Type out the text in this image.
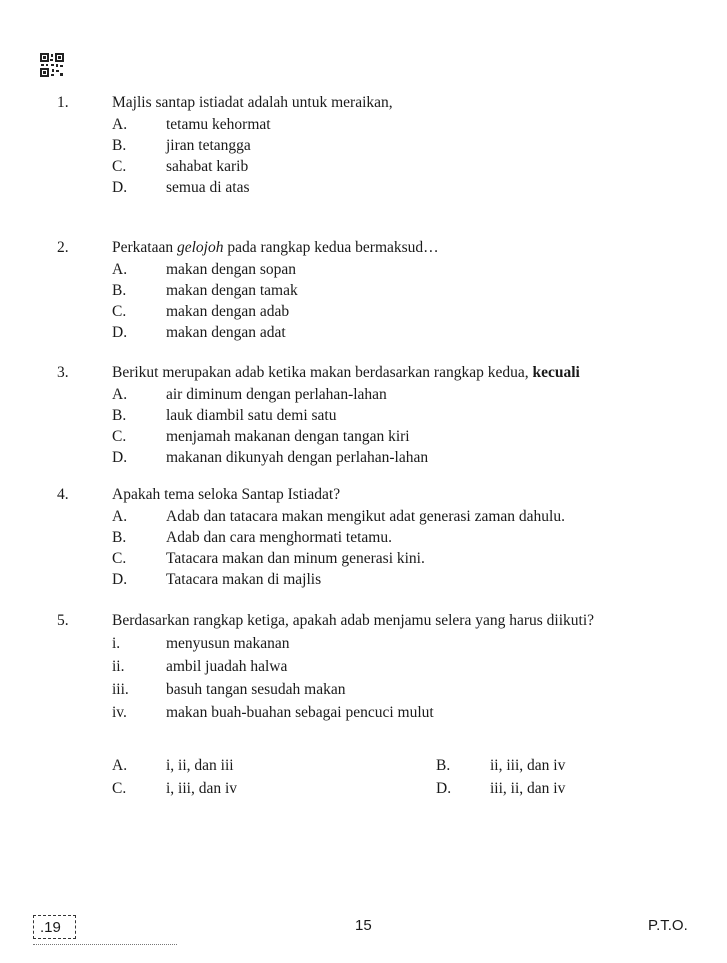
1.	Majlis santap istiadat adalah untuk meraikan,
A.	tetamu kehormat
B.	jiran tetangga
C.	sahabat karib
D.	semua di atas
2.	Perkataan gelojoh pada rangkap kedua bermaksud…
A.	makan dengan sopan
B.	makan dengan tamak
C.	makan dengan adab
D.	makan dengan adat
3.	Berikut merupakan adab ketika makan berdasarkan rangkap kedua, kecuali
A.	air diminum dengan perlahan-lahan
B.	lauk diambil satu demi satu
C.	menjamah makanan dengan tangan kiri
D.	makanan dikunyah dengan perlahan-lahan
4.	Apakah tema seloka Santap Istiadat?
A.	Adab dan tatacara makan mengikut adat generasi zaman dahulu.
B.	Adab dan cara menghormati tetamu.
C.	Tatacara makan dan minum generasi kini.
D.	Tatacara makan di majlis
5.	Berdasarkan rangkap ketiga, apakah adab menjamu selera yang harus diikuti?
i.	menyusun makanan
ii.	ambil juadah halwa
iii. basuh tangan sesudah makan
iv.	makan buah-buahan sebagai pencuci mulut
A.	i, ii, dan iii	B.	ii, iii, dan iv
C.	i, iii, dan iv	D.	iii, ii, dan iv
.19	15	P.T.O.
